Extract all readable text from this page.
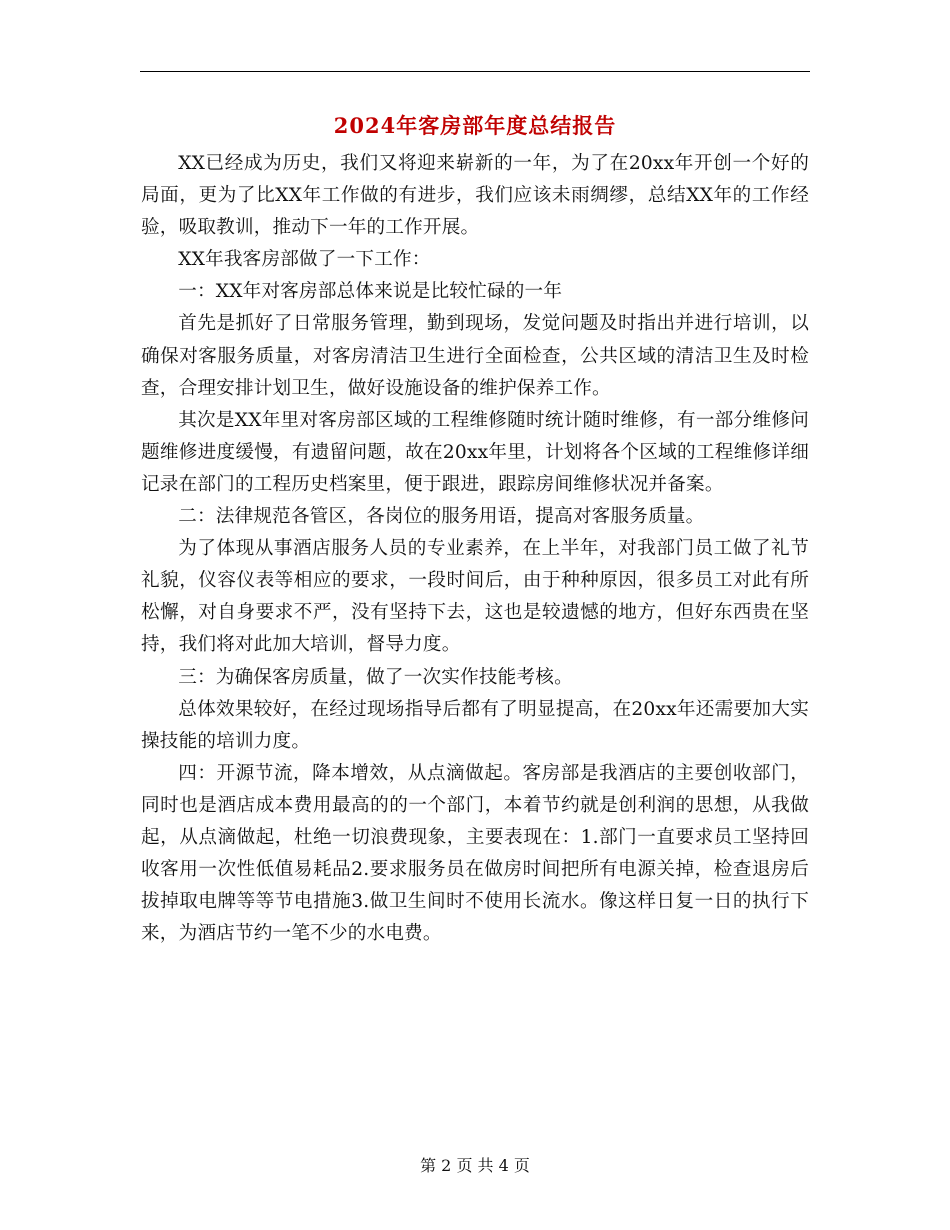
2024年客房部年度总结报告

XX已经成为历史，我们又将迎来崭新的一年，为了在20xx年开创一个好的局面，更为了比XX年工作做的有进步，我们应该未雨绸缪，总结XX年的工作经验，吸取教训，推动下一年的工作开展。

XX年我客房部做了一下工作：

一：XX年对客房部总体来说是比较忙碌的一年

首先是抓好了日常服务管理，勤到现场，发觉问题及时指出并进行培训，以确保对客服务质量，对客房清洁卫生进行全面检查，公共区域的清洁卫生及时检查，合理安排计划卫生，做好设施设备的维护保养工作。

其次是XX年里对客房部区域的工程维修随时统计随时维修，有一部分维修问题维修进度缓慢，有遗留问题，故在20xx年里，计划将各个区域的工程维修详细记录在部门的工程历史档案里，便于跟进，跟踪房间维修状况并备案。

二：法律规范各管区，各岗位的服务用语，提高对客服务质量。

为了体现从事酒店服务人员的专业素养，在上半年，对我部门员工做了礼节礼貌，仪容仪表等相应的要求，一段时间后，由于种种原因，很多员工对此有所松懈，对自身要求不严，没有坚持下去，这也是较遗憾的地方，但好东西贵在坚持，我们将对此加大培训，督导力度。

三：为确保客房质量，做了一次实作技能考核。

总体效果较好，在经过现场指导后都有了明显提高，在20xx年还需要加大实操技能的培训力度。

四：开源节流，降本增效，从点滴做起。客房部是我酒店的主要创收部门，同时也是酒店成本费用最高的的一个部门，本着节约就是创利润的思想，从我做起，从点滴做起，杜绝一切浪费现象，主要表现在：1.部门一直要求员工坚持回收客用一次性低值易耗品2.要求服务员在做房时间把所有电源关掉，检查退房后拔掉取电牌等等节电措施3.做卫生间时不使用长流水。像这样日复一日的执行下来，为酒店节约一笔不少的水电费。

第 2 页 共 4 页
